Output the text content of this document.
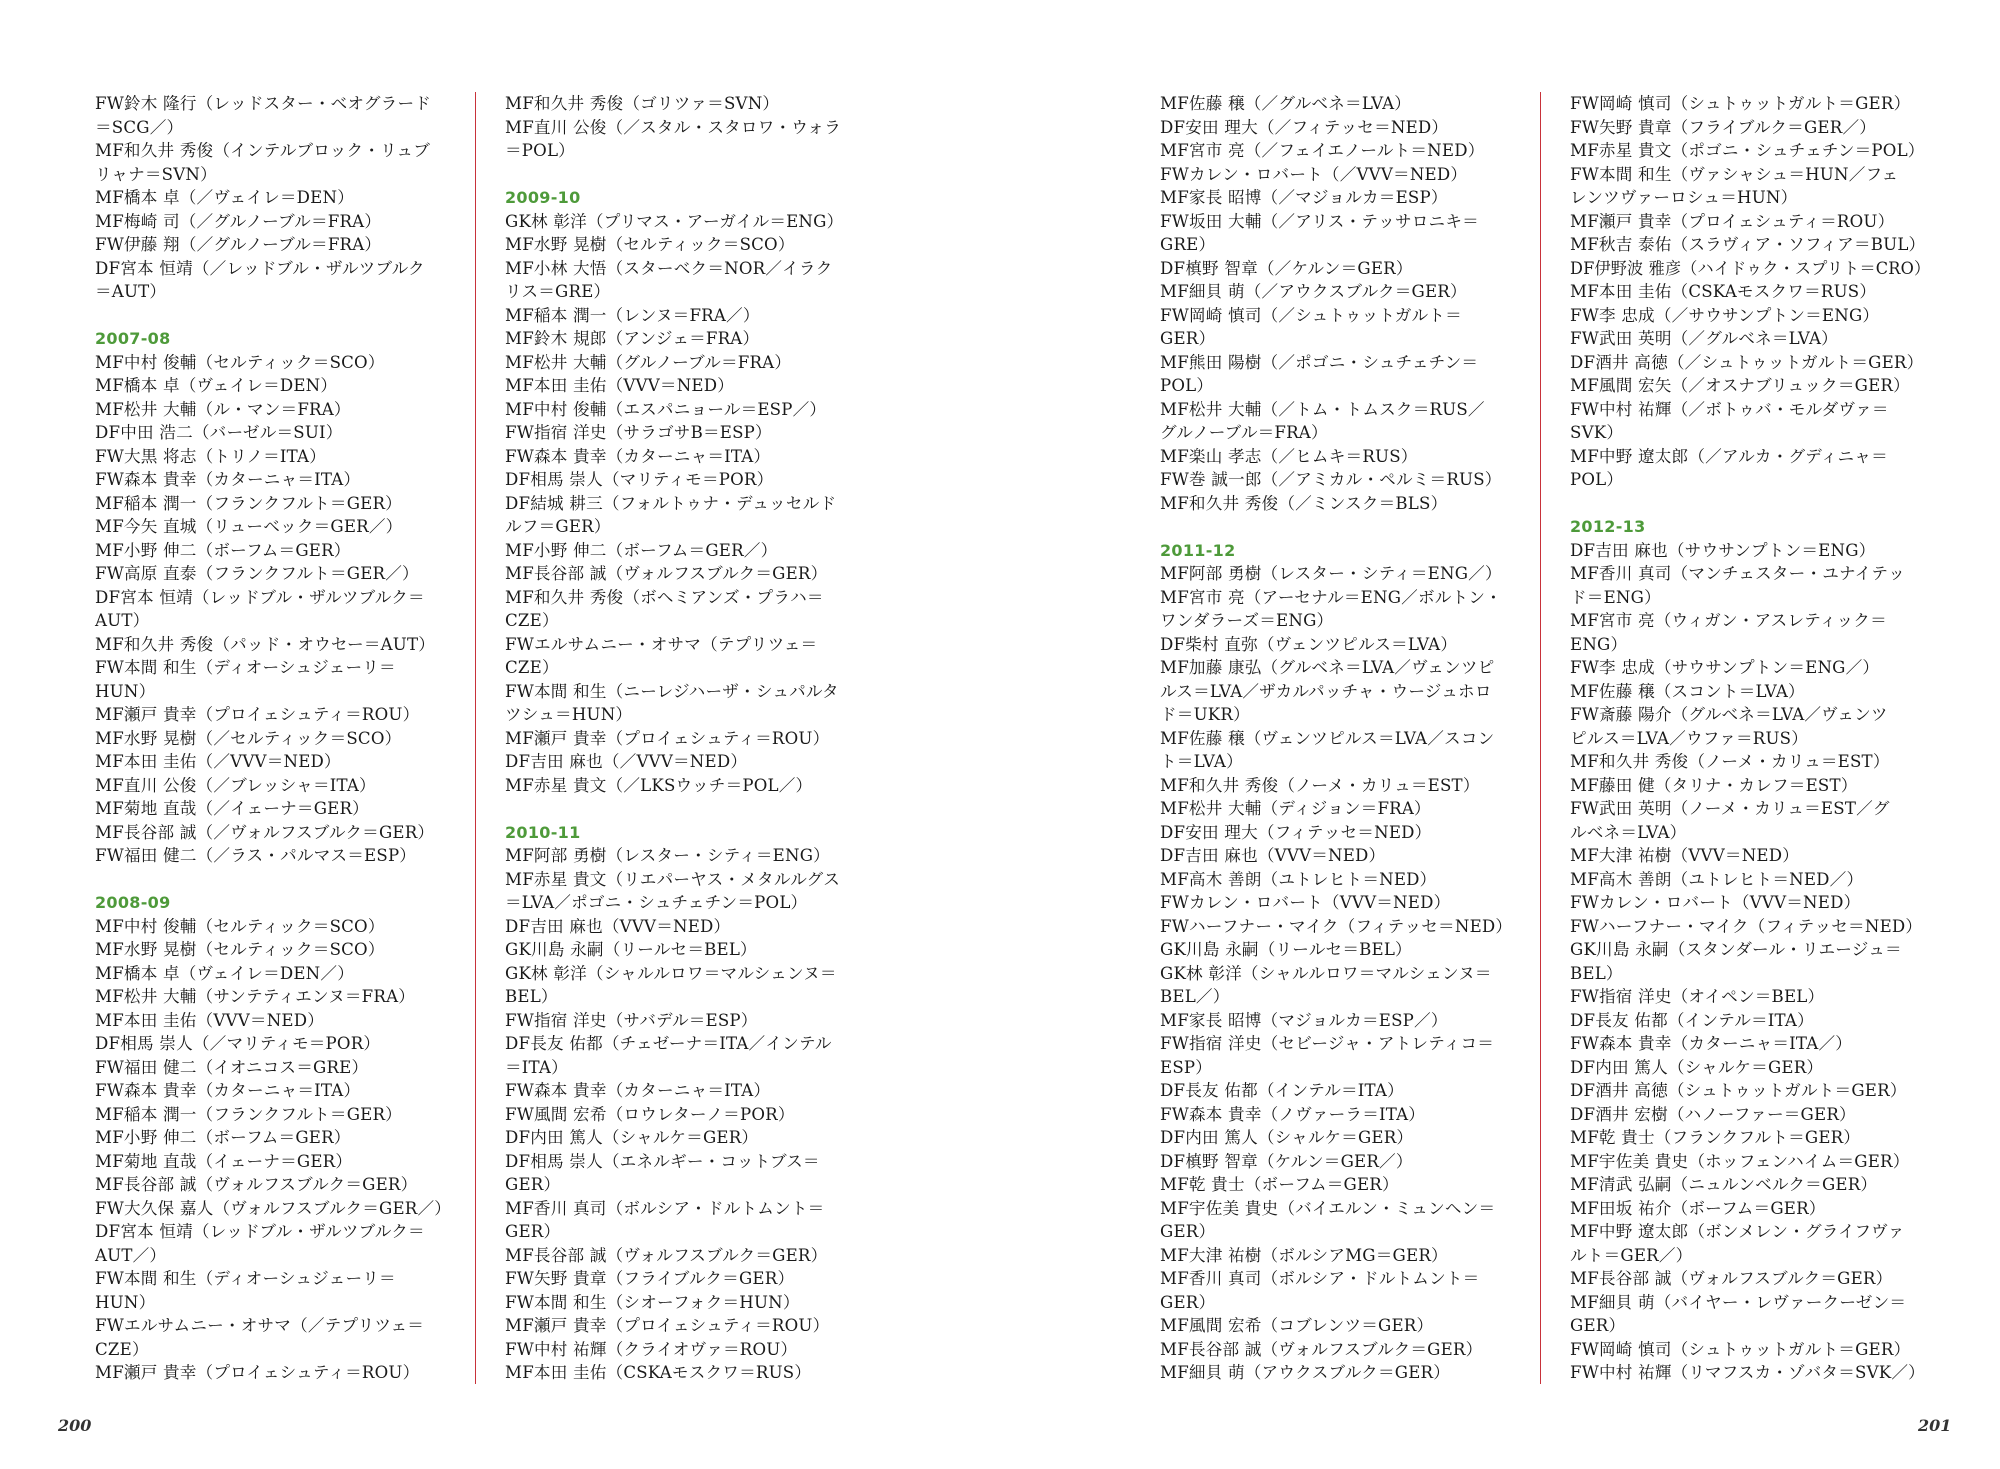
FW鈴木 隆行（レッドスター・ベオグラード
＝SCG／）
MF和久井 秀俊（インテルブロック・リュブ
リャナ＝SVN）
MF橋本 卓（／ヴェイレ＝DEN）
MF梅崎 司（／グルノーブル＝FRA）
FW伊藤 翔（／グルノーブル＝FRA）
DF宮本 恒靖（／レッドブル・ザルツブルク
＝AUT）
2007-08
MF中村 俊輔（セルティック＝SCO）
MF橋本 卓（ヴェイレ＝DEN）
MF松井 大輔（ル・マン＝FRA）
DF中田 浩二（バーゼル＝SUI）
FW大黒 将志（トリノ＝ITA）
FW森本 貴幸（カターニャ＝ITA）
MF稲本 潤一（フランクフルト＝GER）
MF今矢 直城（リューベック＝GER／）
MF小野 伸二（ボーフム＝GER）
FW高原 直泰（フランクフルト＝GER／）
DF宮本 恒靖（レッドブル・ザルツブルク＝
AUT）
MF和久井 秀俊（パッド・オウセー＝AUT）
FW本間 和生（ディオーシュジェーリ＝
HUN）
MF瀬戸 貴幸（プロイェシュティ＝ROU）
MF水野 晃樹（／セルティック＝SCO）
MF本田 圭佑（／VVV＝NED）
MF直川 公俊（／ブレッシャ＝ITA）
MF菊地 直哉（／イェーナ＝GER）
MF長谷部 誠（／ヴォルフスブルク＝GER）
FW福田 健二（／ラス・パルマス＝ESP）
2008-09
MF中村 俊輔（セルティック＝SCO）
MF水野 晃樹（セルティック＝SCO）
MF橋本 卓（ヴェイレ＝DEN／）
MF松井 大輔（サンテティエンヌ＝FRA）
MF本田 圭佑（VVV＝NED）
DF相馬 崇人（／マリティモ＝POR）
FW福田 健二（イオニコス＝GRE）
FW森本 貴幸（カターニャ＝ITA）
MF稲本 潤一（フランクフルト＝GER）
MF小野 伸二（ボーフム＝GER）
MF菊地 直哉（イェーナ＝GER）
MF長谷部 誠（ヴォルフスブルク＝GER）
FW大久保 嘉人（ヴォルフスブルク＝GER／）
DF宮本 恒靖（レッドブル・ザルツブルク＝
AUT／）
FW本間 和生（ディオーシュジェーリ＝
HUN）
FWエルサムニー・オサマ（／テプリツェ＝
CZE）
MF瀬戸 貴幸（プロイェシュティ＝ROU）
MF和久井 秀俊（ゴリツァ＝SVN）
MF直川 公俊（／スタル・スタロワ・ウォラ
＝POL）
2009-10
GK林 彰洋（プリマス・アーガイル＝ENG）
MF水野 晃樹（セルティック＝SCO）
MF小林 大悟（スターベク＝NOR／イラク
リス＝GRE）
MF稲本 潤一（レンヌ＝FRA／）
MF鈴木 規郎（アンジェ＝FRA）
MF松井 大輔（グルノーブル＝FRA）
MF本田 圭佑（VVV＝NED）
MF中村 俊輔（エスパニョール＝ESP／）
FW指宿 洋史（サラゴサB＝ESP）
FW森本 貴幸（カターニャ＝ITA）
DF相馬 崇人（マリティモ＝POR）
DF結城 耕三（フォルトゥナ・デュッセルド
ルフ＝GER）
MF小野 伸二（ボーフム＝GER／）
MF長谷部 誠（ヴォルフスブルク＝GER）
MF和久井 秀俊（ボヘミアンズ・プラハ＝
CZE）
FWエルサムニー・オサマ（テプリツェ＝
CZE）
FW本間 和生（ニーレジハーザ・シュパルタ
ツシュ＝HUN）
MF瀬戸 貴幸（プロイェシュティ＝ROU）
DF吉田 麻也（／VVV＝NED）
MF赤星 貴文（／LKSウッチ＝POL／）
2010-11
MF阿部 勇樹（レスター・シティ＝ENG）
MF赤星 貴文（リエパーヤス・メタルルグス
＝LVA／ポゴニ・シュチェチン＝POL）
DF吉田 麻也（VVV＝NED）
GK川島 永嗣（リールセ＝BEL）
GK林 彰洋（シャルルロワ＝マルシェンヌ＝
BEL）
FW指宿 洋史（サバデル＝ESP）
DF長友 佑都（チェゼーナ＝ITA／インテル
＝ITA）
FW森本 貴幸（カターニャ＝ITA）
FW風間 宏希（ロウレターノ＝POR）
DF内田 篤人（シャルケ＝GER）
DF相馬 崇人（エネルギー・コットブス＝
GER）
MF香川 真司（ボルシア・ドルトムント＝
GER）
MF長谷部 誠（ヴォルフスブルク＝GER）
FW矢野 貴章（フライブルク＝GER）
FW本間 和生（シオーフォク＝HUN）
MF瀬戸 貴幸（プロイェシュティ＝ROU）
FW中村 祐輝（クライオヴァ＝ROU）
MF本田 圭佑（CSKAモスクワ＝RUS）
MF佐藤 穣（／グルベネ＝LVA）
DF安田 理大（／フィテッセ＝NED）
MF宮市 亮（／フェイエノールト＝NED）
FWカレン・ロバート（／VVV＝NED）
MF家長 昭博（／マジョルカ＝ESP）
FW坂田 大輔（／アリス・テッサロニキ＝
GRE）
DF槙野 智章（／ケルン＝GER）
MF細貝 萌（／アウクスブルク＝GER）
FW岡崎 慎司（／シュトゥットガルト＝
GER）
MF熊田 陽樹（／ポゴニ・シュチェチン＝
POL）
MF松井 大輔（／トム・トムスク＝RUS／
グルノーブル＝FRA）
MF楽山 孝志（／ヒムキ＝RUS）
FW巻 誠一郎（／アミカル・ペルミ＝RUS）
MF和久井 秀俊（／ミンスク＝BLS）
2011-12
MF阿部 勇樹（レスター・シティ＝ENG／）
MF宮市 亮（アーセナル＝ENG／ボルトン・
ワンダラーズ＝ENG）
DF柴村 直弥（ヴェンツピルス＝LVA）
MF加藤 康弘（グルベネ＝LVA／ヴェンツピ
ルス＝LVA／ザカルパッチャ・ウージュホロ
ド＝UKR）
MF佐藤 穣（ヴェンツピルス＝LVA／スコン
ト＝LVA）
MF和久井 秀俊（ノーメ・カリュ＝EST）
MF松井 大輔（ディジョン＝FRA）
DF安田 理大（フィテッセ＝NED）
DF吉田 麻也（VVV＝NED）
MF高木 善朗（ユトレヒト＝NED）
FWカレン・ロバート（VVV＝NED）
FWハーフナー・マイク（フィテッセ＝NED）
GK川島 永嗣（リールセ＝BEL）
GK林 彰洋（シャルルロワ＝マルシェンヌ＝
BEL／）
MF家長 昭博（マジョルカ＝ESP／）
FW指宿 洋史（セビージャ・アトレティコ＝
ESP）
DF長友 佑都（インテル＝ITA）
FW森本 貴幸（ノヴァーラ＝ITA）
DF内田 篤人（シャルケ＝GER）
DF槙野 智章（ケルン＝GER／）
MF乾 貴士（ボーフム＝GER）
MF宇佐美 貴史（バイエルン・ミュンヘン＝
GER）
MF大津 祐樹（ボルシアMG＝GER）
MF香川 真司（ボルシア・ドルトムント＝
GER）
MF風間 宏希（コブレンツ＝GER）
MF長谷部 誠（ヴォルフスブルク＝GER）
MF細貝 萌（アウクスブルク＝GER）
FW岡崎 慎司（シュトゥットガルト＝GER）
FW矢野 貴章（フライブルク＝GER／）
MF赤星 貴文（ポゴニ・シュチェチン＝POL）
FW本間 和生（ヴァシャシュ＝HUN／フェ
レンツヴァーロシュ＝HUN）
MF瀬戸 貴幸（プロイェシュティ＝ROU）
MF秋吉 泰佑（スラヴィア・ソフィア＝BUL）
DF伊野波 雅彦（ハイドゥク・スプリト＝CRO）
MF本田 圭佑（CSKAモスクワ＝RUS）
FW李 忠成（／サウサンプトン＝ENG）
FW武田 英明（／グルベネ＝LVA）
DF酒井 高徳（／シュトゥットガルト＝GER）
MF風間 宏矢（／オスナブリュック＝GER）
FW中村 祐輝（／ボトゥバ・モルダヴァ＝
SVK）
MF中野 遼太郎（／アルカ・グディニャ＝
POL）
2012-13
DF吉田 麻也（サウサンプトン＝ENG）
MF香川 真司（マンチェスター・ユナイテッ
ド＝ENG）
MF宮市 亮（ウィガン・アスレティック＝
ENG）
FW李 忠成（サウサンプトン＝ENG／）
MF佐藤 穣（スコント＝LVA）
FW斎藤 陽介（グルベネ＝LVA／ヴェンツ
ピルス＝LVA／ウファ＝RUS）
MF和久井 秀俊（ノーメ・カリュ＝EST）
MF藤田 健（タリナ・カレフ＝EST）
FW武田 英明（ノーメ・カリュ＝EST／グ
ルベネ＝LVA）
MF大津 祐樹（VVV＝NED）
MF高木 善朗（ユトレヒト＝NED／）
FWカレン・ロバート（VVV＝NED）
FWハーフナー・マイク（フィテッセ＝NED）
GK川島 永嗣（スタンダール・リエージュ＝
BEL）
FW指宿 洋史（オイペン＝BEL）
DF長友 佑都（インテル＝ITA）
FW森本 貴幸（カターニャ＝ITA／）
DF内田 篤人（シャルケ＝GER）
DF酒井 高徳（シュトゥットガルト＝GER）
DF酒井 宏樹（ハノーファー＝GER）
MF乾 貴士（フランクフルト＝GER）
MF宇佐美 貴史（ホッフェンハイム＝GER）
MF清武 弘嗣（ニュルンベルク＝GER）
MF田坂 祐介（ボーフム＝GER）
MF中野 遼太郎（ボンメレン・グライフヴァ
ルト＝GER／）
MF長谷部 誠（ヴォルフスブルク＝GER）
MF細貝 萌（バイヤー・レヴァークーゼン＝
GER）
FW岡崎 慎司（シュトゥットガルト＝GER）
FW中村 祐輝（リマフスカ・ゾバタ＝SVK／）
200	201
